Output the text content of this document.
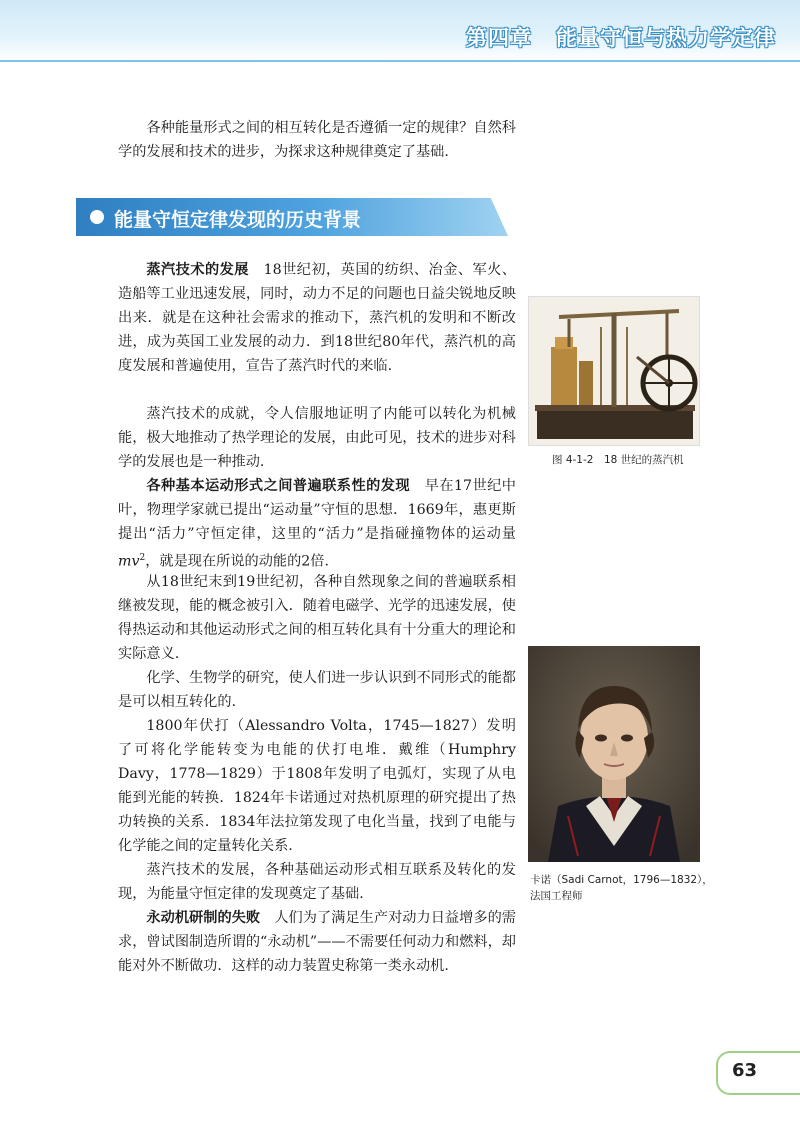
第四章 能量守恒与热力学定律

各种能量形式之间的相互转化是否遵循一定的规律？自然科学的发展和技术的进步，为探求这种规律奠定了基础.

能量守恒定律发现的历史背景

蒸汽技术的发展　 18世纪初，英国的纺织、冶金、军火、造船等工业迅速发展，同时，动力不足的问题也日益尖锐地反映出来．就是在这种社会需求的推动下，蒸汽机的发明和不断改进，成为英国工业发展的动力．到18世纪80年代，蒸汽机的高度发展和普遍使用，宣告了蒸汽时代的来临.

蒸汽技术的成就，令人信服地证明了内能可以转化为机械能，极大地推动了热学理论的发展，由此可见，技术的进步对科学的发展也是一种推动.

各种基本运动形式之间普遍联系性的发现　 早在17世纪中叶，物理学家就已提出“运动量”守恒的思想．1669年，惠更斯提出“活力”守恒定律，这里的“活力”是指碰撞物体的运动量$mv^2$，就是现在所说的动能的2倍.

从18世纪末到19世纪初，各种自然现象之间的普遍联系相继被发现，能的概念被引入．随着电磁学、光学的迅速发展，使得热运动和其他运动形式之间的相互转化具有十分重大的理论和实际意义.

化学、生物学的研究，使人们进一步认识到不同形式的能都是可以相互转化的.

1800年伏打（Alessandro Volta，1745—1827）发明了可将化学能转变为电能的伏打电堆．戴维（Humphry Davy，1778—1829）于1808年发明了电弧灯，实现了从电能到光能的转换．1824年卡诺通过对热机原理的研究提出了热功转换的关系．1834年法拉第发现了电化当量，找到了电能与化学能之间的定量转化关系.

蒸汽技术的发展，各种基础运动形式相互联系及转化的发现，为能量守恒定律的发现奠定了基础.

永动机研制的失败　 人们为了满足生产对动力日益增多的需求，曾试图制造所谓的“永动机”——不需要任何动力和燃料，却能对外不断做功．这样的动力装置史称第一类永动机.

图 4-1-2　18 世纪的蒸汽机
卡诺（Sadi Carnot，1796—1832），法国工程师
63
